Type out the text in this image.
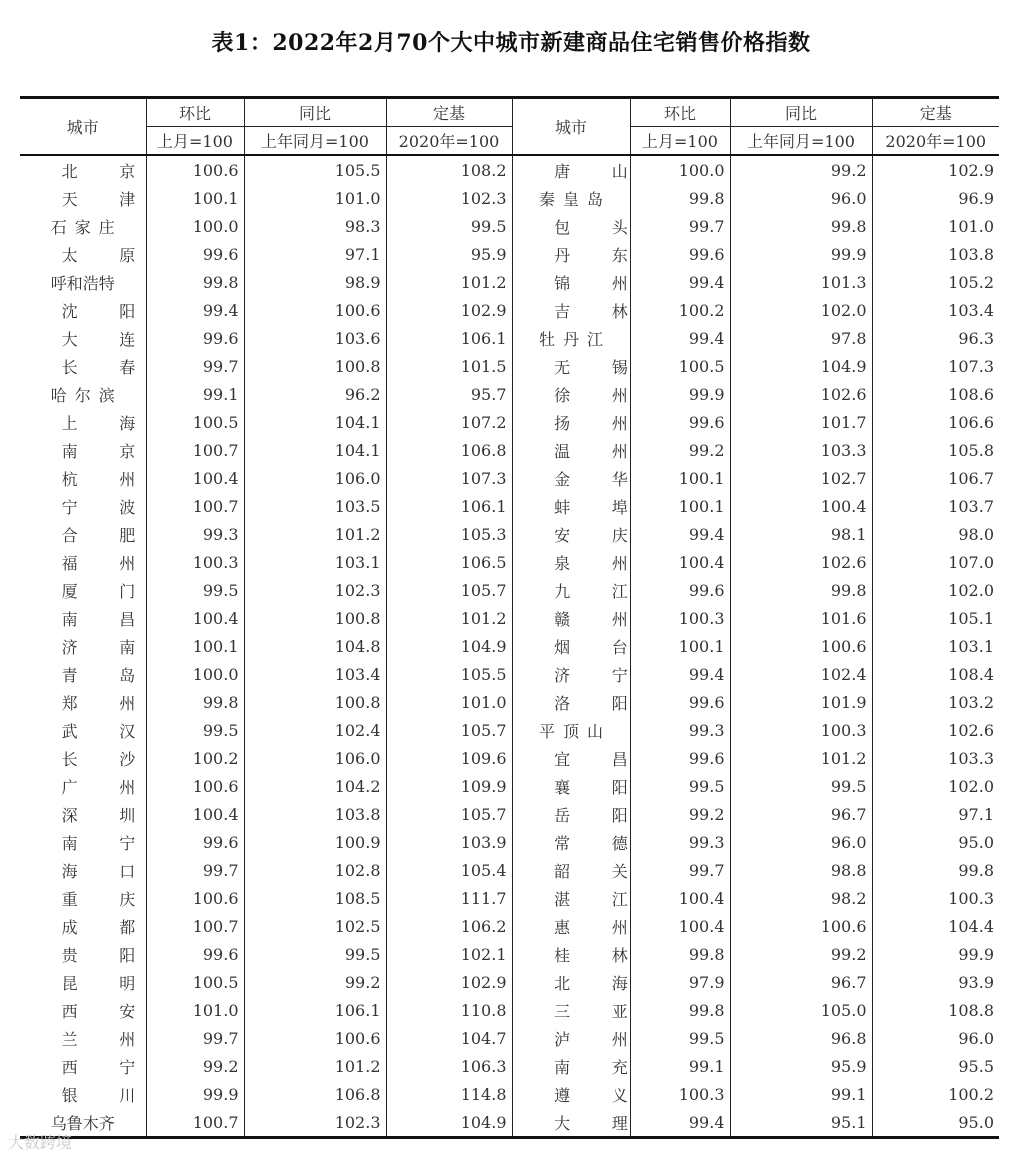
表1：2022年2月70个大中城市新建商品住宅销售价格指数
城市	环比	同比	定基	城市	环比	同比	定基
	上月=100	上年同月=100	2020年=100		上月=100	上年同月=100	2020年=100
北京	100.6	105.5	108.2	唐山	100.0	99.2	102.9
天津	100.1	101.0	102.3	秦皇岛	99.8	96.0	96.9
石家庄	100.0	98.3	99.5	包头	99.7	99.8	101.0
太原	99.6	97.1	95.9	丹东	99.6	99.9	103.8
呼和浩特	99.8	98.9	101.2	锦州	99.4	101.3	105.2
沈阳	99.4	100.6	102.9	吉林	100.2	102.0	103.4
大连	99.6	103.6	106.1	牡丹江	99.4	97.8	96.3
长春	99.7	100.8	101.5	无锡	100.5	104.9	107.3
哈尔滨	99.1	96.2	95.7	徐州	99.9	102.6	108.6
上海	100.5	104.1	107.2	扬州	99.6	101.7	106.6
南京	100.7	104.1	106.8	温州	99.2	103.3	105.8
杭州	100.4	106.0	107.3	金华	100.1	102.7	106.7
宁波	100.7	103.5	106.1	蚌埠	100.1	100.4	103.7
合肥	99.3	101.2	105.3	安庆	99.4	98.1	98.0
福州	100.3	103.1	106.5	泉州	100.4	102.6	107.0
厦门	99.5	102.3	105.7	九江	99.6	99.8	102.0
南昌	100.4	100.8	101.2	赣州	100.3	101.6	105.1
济南	100.1	104.8	104.9	烟台	100.1	100.6	103.1
青岛	100.0	103.4	105.5	济宁	99.4	102.4	108.4
郑州	99.8	100.8	101.0	洛阳	99.6	101.9	103.2
武汉	99.5	102.4	105.7	平顶山	99.3	100.3	102.6
长沙	100.2	106.0	109.6	宜昌	99.6	101.2	103.3
广州	100.6	104.2	109.9	襄阳	99.5	99.5	102.0
深圳	100.4	103.8	105.7	岳阳	99.2	96.7	97.1
南宁	99.6	100.9	103.9	常德	99.3	96.0	95.0
海口	99.7	102.8	105.4	韶关	99.7	98.8	99.8
重庆	100.6	108.5	111.7	湛江	100.4	98.2	100.3
成都	100.7	102.5	106.2	惠州	100.4	100.6	104.4
贵阳	99.6	99.5	102.1	桂林	99.8	99.2	99.9
昆明	100.5	99.2	102.9	北海	97.9	96.7	93.9
西安	101.0	106.1	110.8	三亚	99.8	105.0	108.8
兰州	99.7	100.6	104.7	泸州	99.5	96.8	96.0
西宁	99.2	101.2	106.3	南充	99.1	95.9	95.5
银川	99.9	106.8	114.8	遵义	100.3	99.1	100.2
乌鲁木齐	100.7	102.3	104.9	大理	99.4	95.1	95.0
大数跨境
